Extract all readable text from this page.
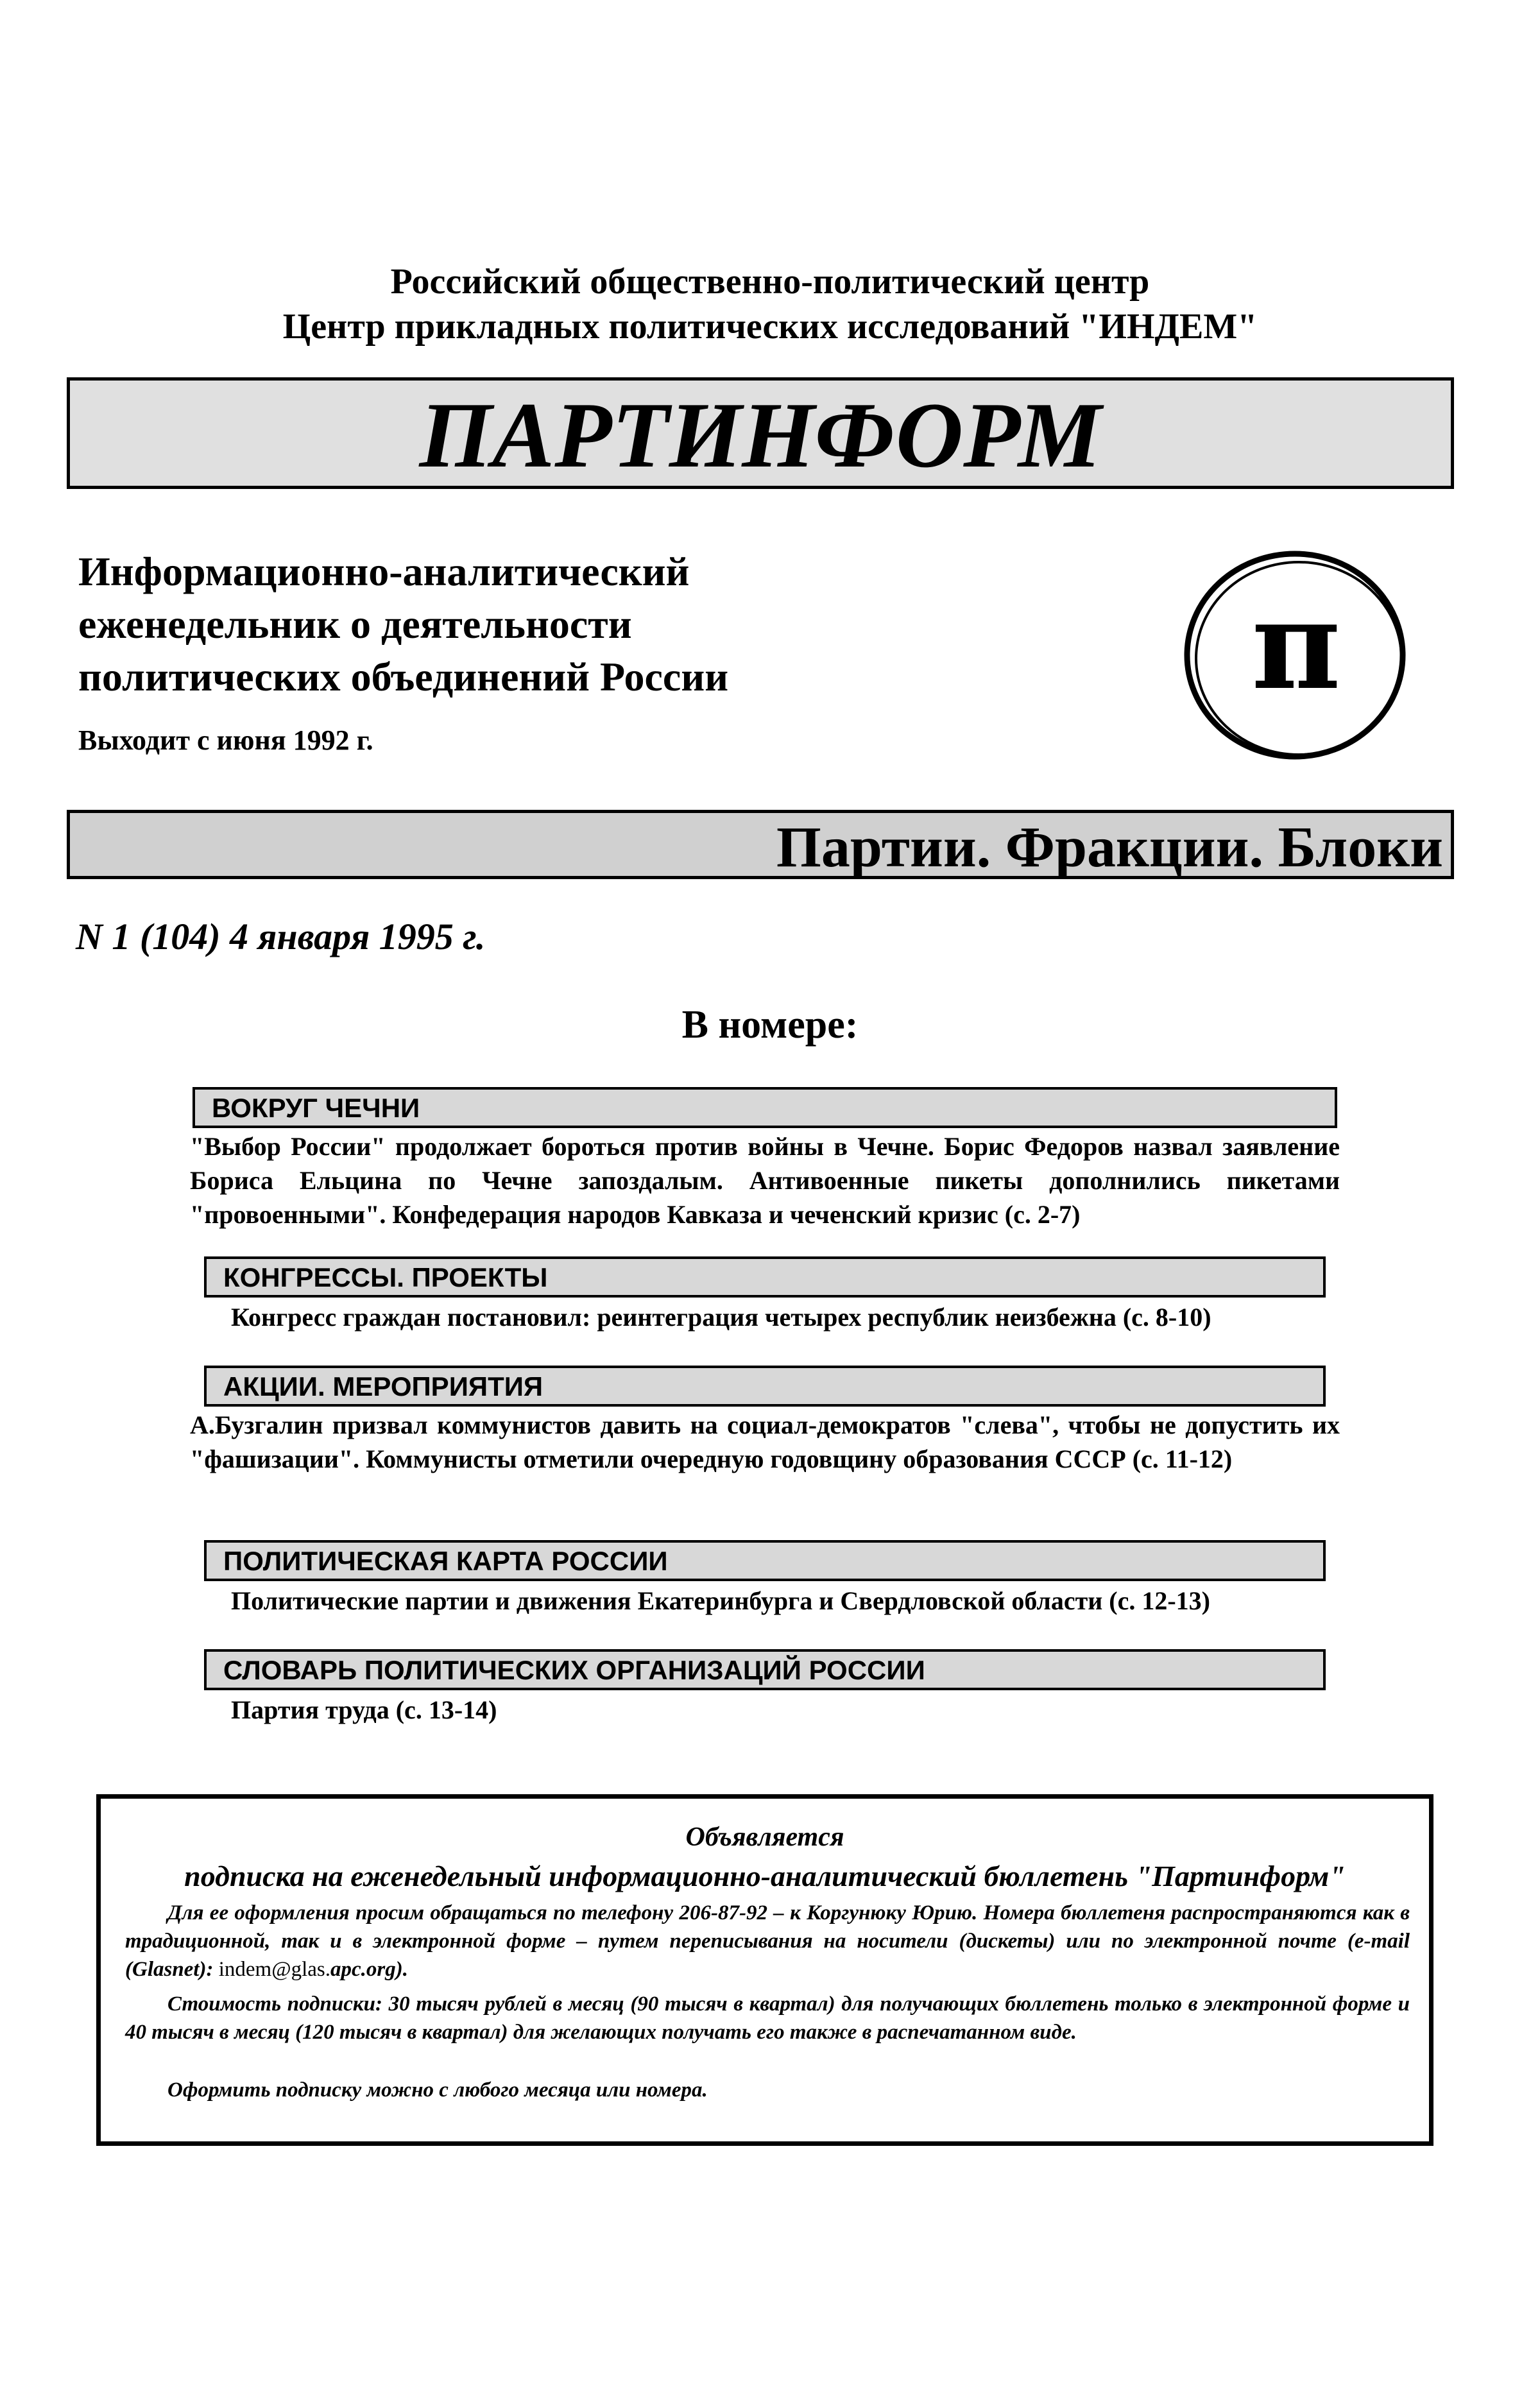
Российский общественно-политический центр
Центр прикладных политических исследований "ИНДЕМ"
ПАРТИНФОРМ
Информационно-аналитический
еженедельник о деятельности
политических объединений России
Выходит с июня 1992 г.
π
Партии. Фракции. Блоки
N 1 (104) 4 января 1995 г.
В номере:
ВОКРУГ ЧЕЧНИ
"Выбор России" продолжает бороться против войны в Чечне. Борис Федоров назвал заявление Бориса Ельцина по Чечне запоздалым. Антивоенные пикеты дополнились пикетами "провоенными". Конфедерация народов Кавказа и чеченский кризис (с. 2-7)
КОНГРЕССЫ. ПРОЕКТЫ
Конгресс граждан постановил: реинтеграция четырех республик неизбежна (с. 8-10)
АКЦИИ. МЕРОПРИЯТИЯ
А.Бузгалин призвал коммунистов давить на социал-демократов "слева", чтобы не допустить их "фашизации". Коммунисты отметили очередную годовщину образования СССР (с. 11-12)
ПОЛИТИЧЕСКАЯ КАРТА РОССИИ
Политические партии и движения Екатеринбурга и Свердловской области (с. 12-13)
СЛОВАРЬ ПОЛИТИЧЕСКИХ ОРГАНИЗАЦИЙ РОССИИ
Партия труда (с. 13-14)
Объявляется
подписка на еженедельный информационно-аналитический бюллетень "Партинформ"
Для ее оформления просим обращаться по телефону 206-87-92 – к Коргунюку Юрию. Номера бюллетеня распространяются как в традиционной, так и в электронной форме – путем переписывания на носители (дискеты) или по электронной почте (e-mail (Glasnet): indem@glas.apc.org).
Стоимость подписки: 30 тысяч рублей в месяц (90 тысяч в квартал) для получающих бюллетень только в электронной форме и 40 тысяч в месяц (120 тысяч в квартал) для желающих получать его также в распечатанном виде.
Оформить подписку можно с любого месяца или номера.
